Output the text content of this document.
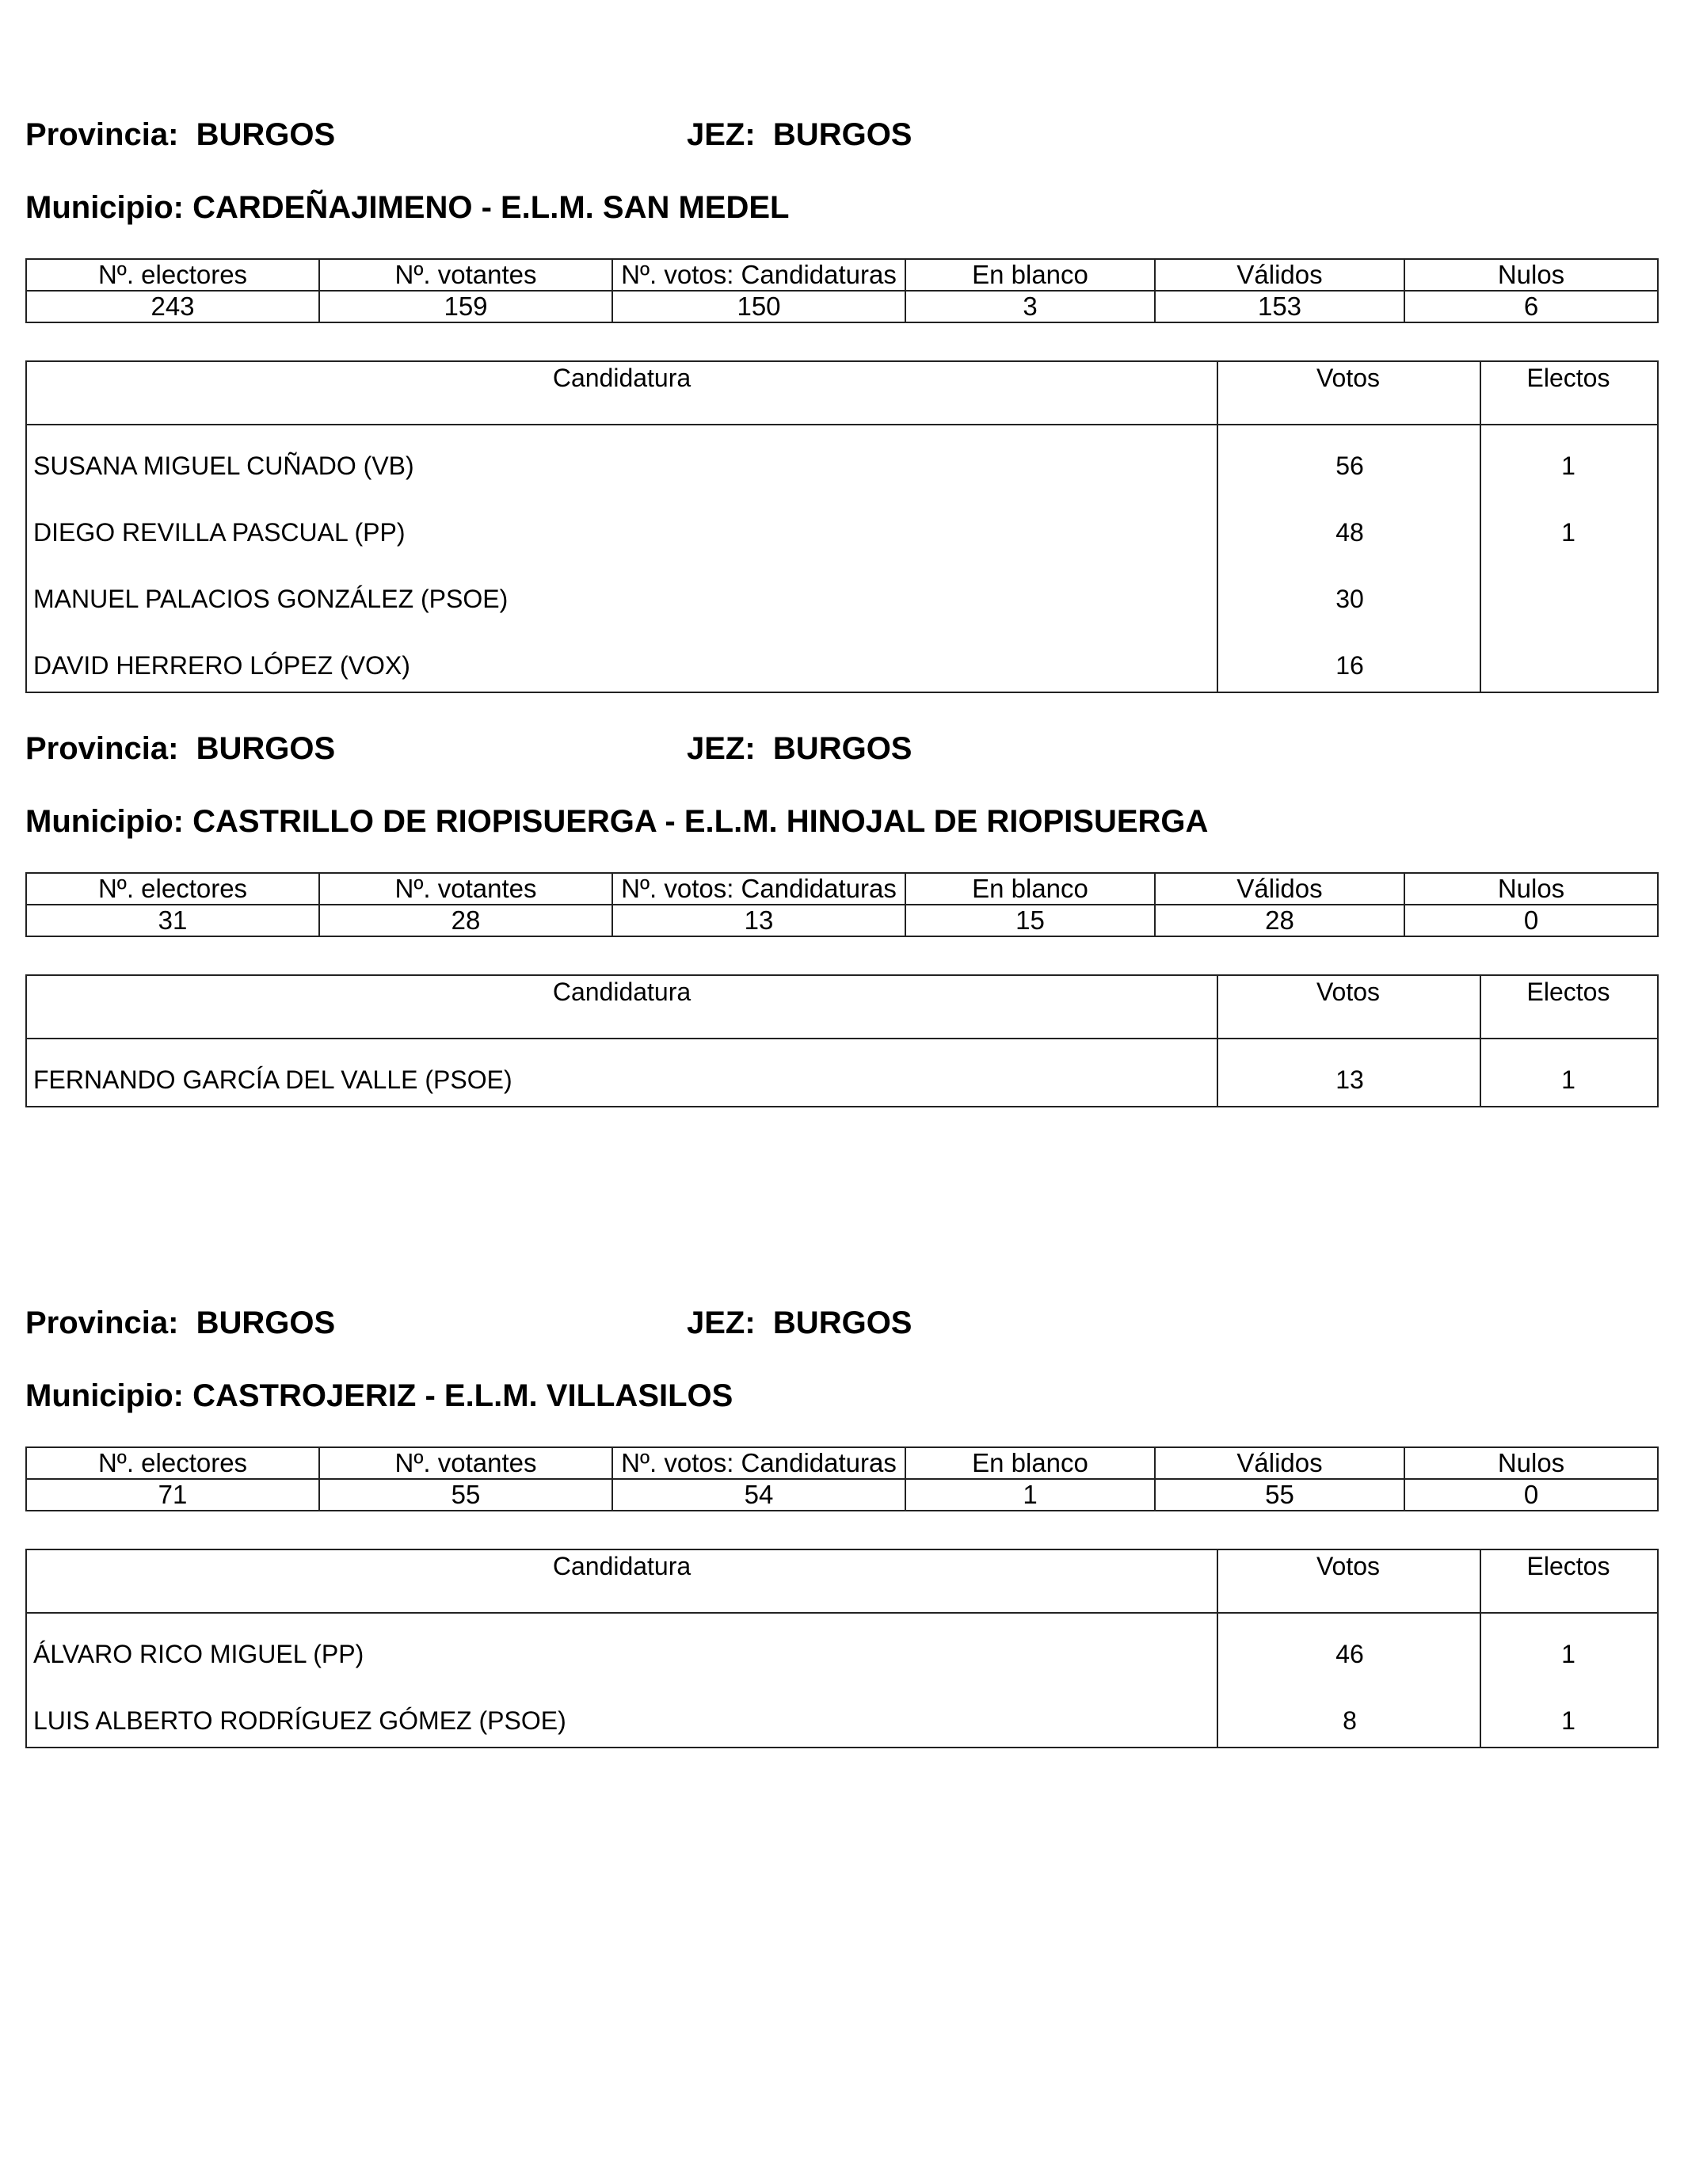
Provincia: BURGOS	JEZ: BURGOS
Municipio: CARDEÑAJIMENO - E.L.M. SAN MEDEL
Nº. electores	Nº. votantes	Nº. votos: Candidaturas	En blanco	Válidos	Nulos
243	159	150	3	153	6
Candidatura	Votos	Electos
SUSANA MIGUEL CUÑADO (VB)	56	1
DIEGO REVILLA PASCUAL (PP)	48	1
MANUEL PALACIOS GONZÁLEZ (PSOE)	30
DAVID HERRERO LÓPEZ (VOX)	16
Provincia: BURGOS	JEZ: BURGOS
Municipio: CASTRILLO DE RIOPISUERGA - E.L.M. HINOJAL DE RIOPISUERGA
Nº. electores	Nº. votantes	Nº. votos: Candidaturas	En blanco	Válidos	Nulos
31	28	13	15	28	0
Candidatura	Votos	Electos
FERNANDO GARCÍA DEL VALLE (PSOE)	13	1
Provincia: BURGOS	JEZ: BURGOS
Municipio: CASTROJERIZ - E.L.M. VILLASILOS
Nº. electores	Nº. votantes	Nº. votos: Candidaturas	En blanco	Válidos	Nulos
71	55	54	1	55	0
Candidatura	Votos	Electos
ÁLVARO RICO MIGUEL (PP)	46	1
LUIS ALBERTO RODRÍGUEZ GÓMEZ (PSOE)	8	1
